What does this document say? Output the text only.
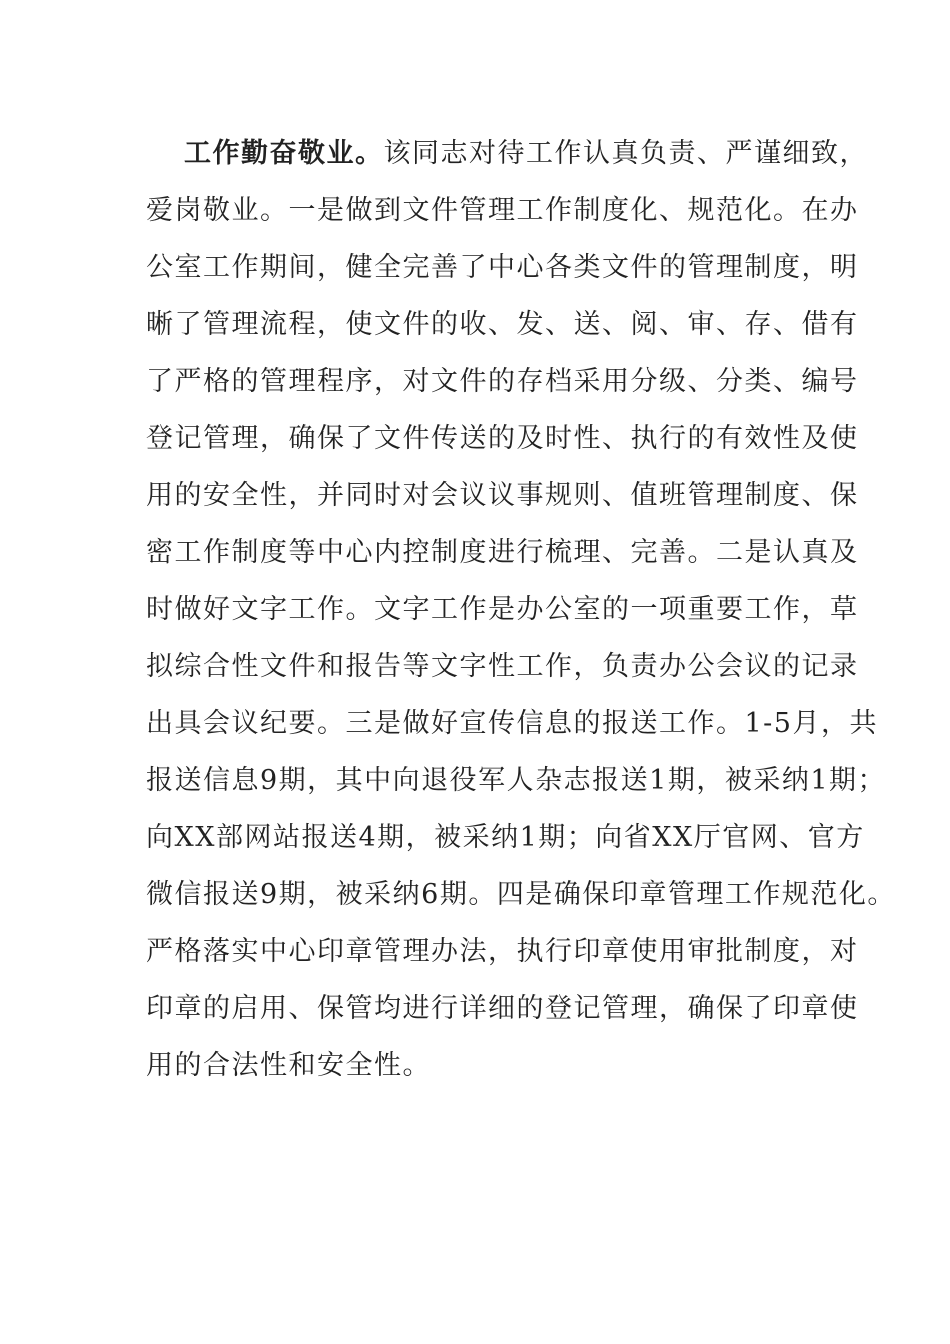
工作勤奋敬业。该同志对待工作认真负责、严谨细致，
爱岗敬业。一是做到文件管理工作制度化、规范化。在办
公室工作期间，健全完善了中心各类文件的管理制度，明
晰了管理流程，使文件的收、发、送、阅、审、存、借有
了严格的管理程序，对文件的存档采用分级、分类、编号
登记管理，确保了文件传送的及时性、执行的有效性及使
用的安全性，并同时对会议议事规则、值班管理制度、保
密工作制度等中心内控制度进行梳理、完善。二是认真及
时做好文字工作。文字工作是办公室的一项重要工作，草
拟综合性文件和报告等文字性工作，负责办公会议的记录
出具会议纪要。三是做好宣传信息的报送工作。1-5月，共
报送信息9期，其中向退役军人杂志报送1期，被采纳1期；
向XX部网站报送4期，被采纳1期；向省XX厅官网、官方
微信报送9期，被采纳6期。四是确保印章管理工作规范化。
严格落实中心印章管理办法，执行印章使用审批制度，对
印章的启用、保管均进行详细的登记管理，确保了印章使
用的合法性和安全性。
